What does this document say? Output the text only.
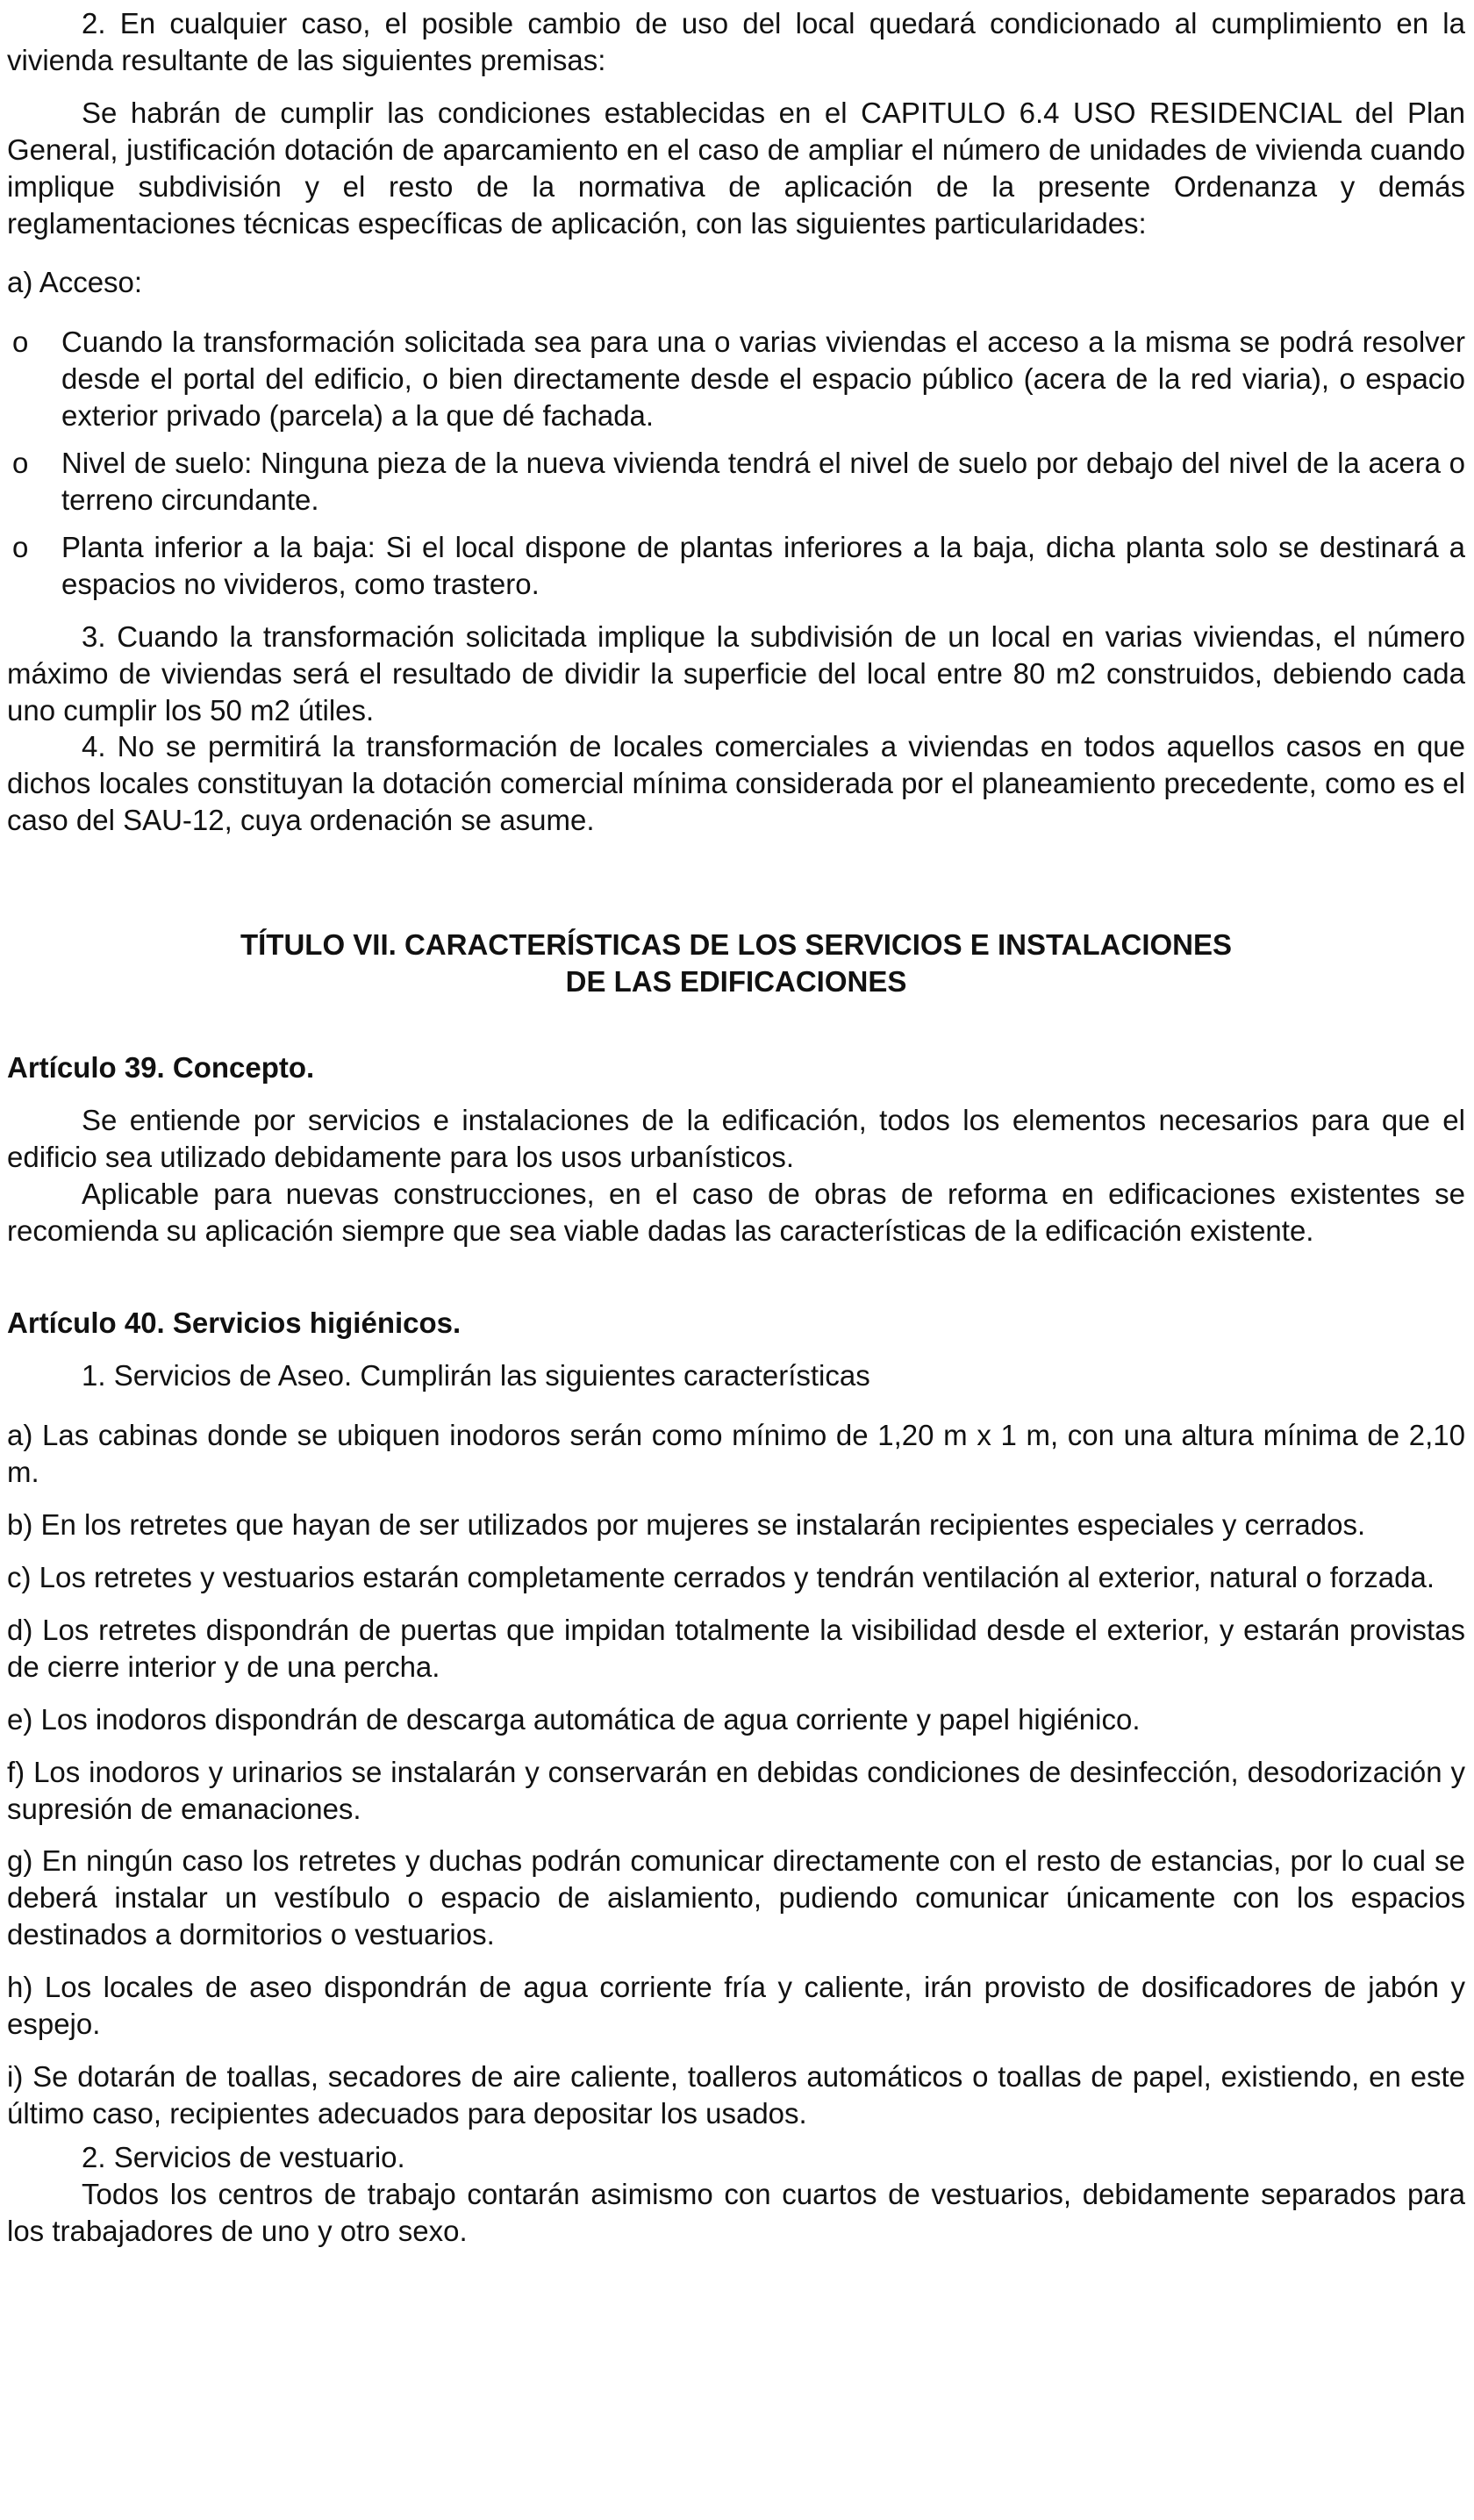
2. En cualquier caso, el posible cambio de uso del local quedará condicionado al cumplimiento en la vivienda resultante de las siguientes premisas:

Se habrán de cumplir las condiciones establecidas en el CAPITULO 6.4 USO RESIDENCIAL del Plan General, justificación dotación de aparcamiento en el caso de ampliar el número de unidades de vivienda cuando implique subdivisión y el resto de la normativa de aplicación de la presente Ordenanza y demás reglamentaciones técnicas específicas de aplicación, con las siguientes particularidades:

a) Acceso:

o Cuando la transformación solicitada sea para una o varias viviendas el acceso a la misma se podrá resolver desde el portal del edificio, o bien directamente desde el espacio público (acera de la red viaria), o espacio exterior privado (parcela) a la que dé fachada.
o Nivel de suelo: Ninguna pieza de la nueva vivienda tendrá el nivel de suelo por debajo del nivel de la acera o terreno circundante.
o Planta inferior a la baja: Si el local dispone de plantas inferiores a la baja, dicha planta solo se destinará a espacios no vivideros, como trastero.

3. Cuando la transformación solicitada implique la subdivisión de un local en varias viviendas, el número máximo de viviendas será el resultado de dividir la superficie del local entre 80 m2 construidos, debiendo cada uno cumplir los 50 m2 útiles.

4. No se permitirá la transformación de locales comerciales a viviendas en todos aquellos casos en que dichos locales constituyan la dotación comercial mínima considerada por el planeamiento precedente, como es el caso del SAU-12, cuya ordenación se asume.

TÍTULO VII. CARACTERÍSTICAS DE LOS SERVICIOS E INSTALACIONES
DE LAS EDIFICACIONES
Artículo 39. Concepto.

Se entiende por servicios e instalaciones de la edificación, todos los elementos necesarios para que el edificio sea utilizado debidamente para los usos urbanísticos.

Aplicable para nuevas construcciones, en el caso de obras de reforma en edificaciones existentes se recomienda su aplicación siempre que sea viable dadas las características de la edificación existente.

Artículo 40. Servicios higiénicos.

1. Servicios de Aseo. Cumplirán las siguientes características

a) Las cabinas donde se ubiquen inodoros serán como mínimo de 1,20 m x 1 m, con una altura mínima de 2,10 m.

b) En los retretes que hayan de ser utilizados por mujeres se instalarán recipientes especiales y cerrados.

c) Los retretes y vestuarios estarán completamente cerrados y tendrán ventilación al exterior, natural o forzada.

d) Los retretes dispondrán de puertas que impidan totalmente la visibilidad desde el exterior, y estarán provistas de cierre interior y de una percha.

e) Los inodoros dispondrán de descarga automática de agua corriente y papel higiénico.

f) Los inodoros y urinarios se instalarán y conservarán en debidas condiciones de desinfección, desodorización y supresión de emanaciones.

g) En ningún caso los retretes y duchas podrán comunicar directamente con el resto de estancias, por lo cual se deberá instalar un vestíbulo o espacio de aislamiento, pudiendo comunicar únicamente con los espacios destinados a dormitorios o vestuarios.

h) Los locales de aseo dispondrán de agua corriente fría y caliente, irán provisto de dosificadores de jabón y espejo.

i) Se dotarán de toallas, secadores de aire caliente, toalleros automáticos o toallas de papel, existiendo, en este último caso, recipientes adecuados para depositar los usados.

2. Servicios de vestuario.

Todos los centros de trabajo contarán asimismo con cuartos de vestuarios, debidamente separados para los trabajadores de uno y otro sexo.
